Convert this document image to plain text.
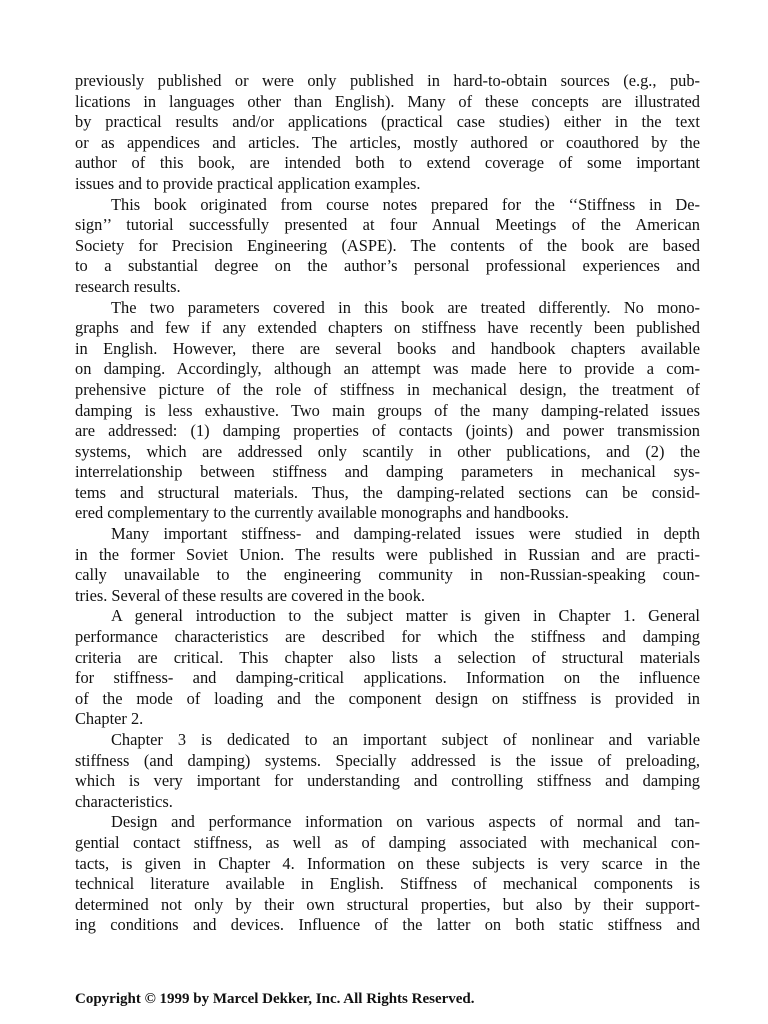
previously published or were only published in hard-to-obtain sources (e.g., pub-
lications in languages other than English). Many of these concepts are illustrated
by practical results and/or applications (practical case studies) either in the text
or as appendices and articles. The articles, mostly authored or coauthored by the
author of this book, are intended both to extend coverage of some important
issues and to provide practical application examples.
This book originated from course notes prepared for the ‘‘Stiffness in De-
sign’’ tutorial successfully presented at four Annual Meetings of the American
Society for Precision Engineering (ASPE). The contents of the book are based
to a substantial degree on the author’s personal professional experiences and
research results.
The two parameters covered in this book are treated differently. No mono-
graphs and few if any extended chapters on stiffness have recently been published
in English. However, there are several books and handbook chapters available
on damping. Accordingly, although an attempt was made here to provide a com-
prehensive picture of the role of stiffness in mechanical design, the treatment of
damping is less exhaustive. Two main groups of the many damping-related issues
are addressed: (1) damping properties of contacts (joints) and power transmission
systems, which are addressed only scantily in other publications, and (2) the
interrelationship between stiffness and damping parameters in mechanical sys-
tems and structural materials. Thus, the damping-related sections can be consid-
ered complementary to the currently available monographs and handbooks.
Many important stiffness- and damping-related issues were studied in depth
in the former Soviet Union. The results were published in Russian and are practi-
cally unavailable to the engineering community in non-Russian-speaking coun-
tries. Several of these results are covered in the book.
A general introduction to the subject matter is given in Chapter 1. General
performance characteristics are described for which the stiffness and damping
criteria are critical. This chapter also lists a selection of structural materials
for stiffness- and damping-critical applications. Information on the influence
of the mode of loading and the component design on stiffness is provided in
Chapter 2.
Chapter 3 is dedicated to an important subject of nonlinear and variable
stiffness (and damping) systems. Specially addressed is the issue of preloading,
which is very important for understanding and controlling stiffness and damping
characteristics.
Design and performance information on various aspects of normal and tan-
gential contact stiffness, as well as of damping associated with mechanical con-
tacts, is given in Chapter 4. Information on these subjects is very scarce in the
technical literature available in English. Stiffness of mechanical components is
determined not only by their own structural properties, but also by their support-
ing conditions and devices. Influence of the latter on both static stiffness and
Copyright © 1999 by Marcel Dekker, Inc. All Rights Reserved.
